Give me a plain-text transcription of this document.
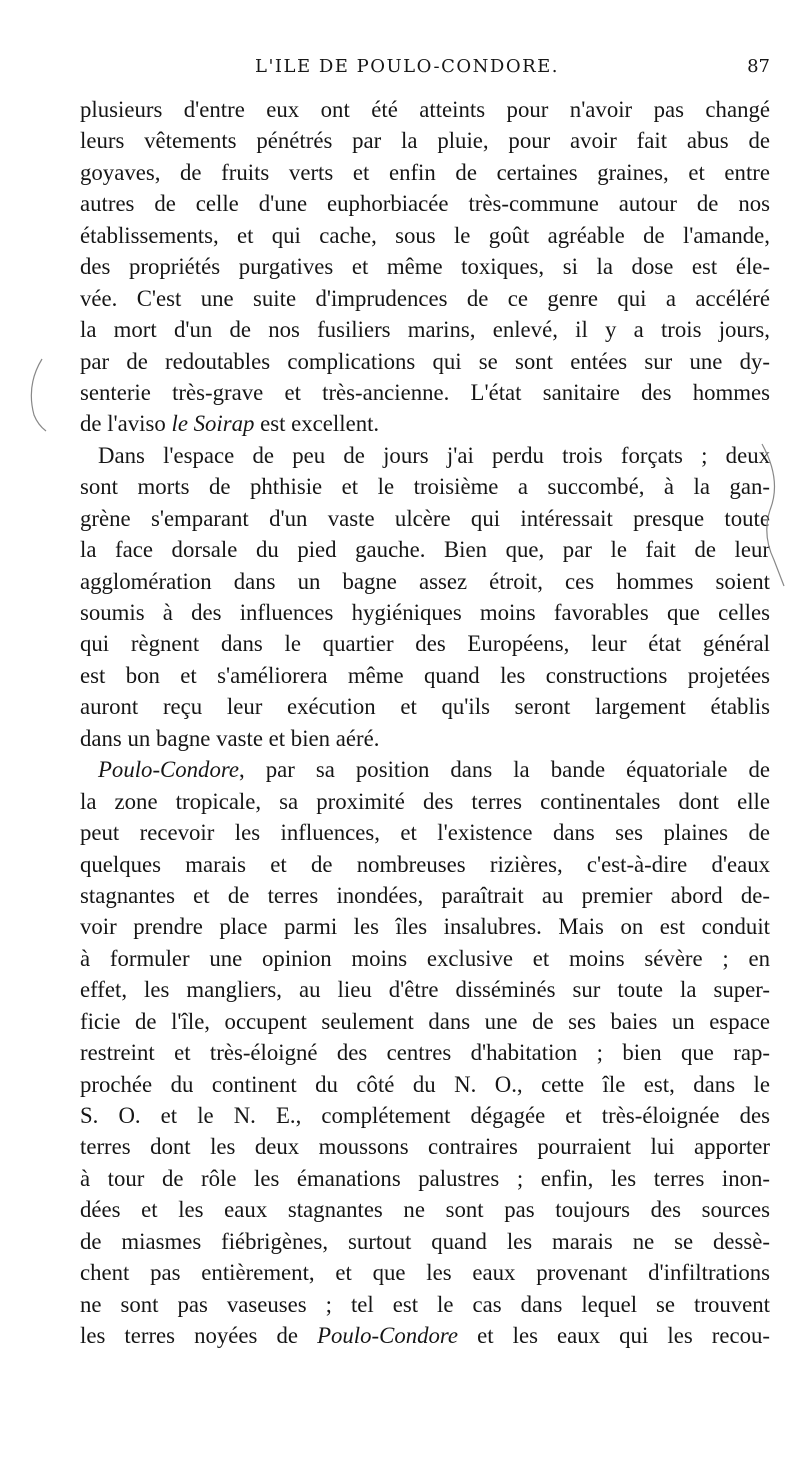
L'ILE DE POULO-CONDORE.	87
plusieurs d'entre eux ont été atteints pour n'avoir pas changé
leurs vêtements pénétrés par la pluie, pour avoir fait abus de
goyaves, de fruits verts et enfin de certaines graines, et entre
autres de celle d'une euphorbiacée très-commune autour de nos
établissements, et qui cache, sous le goût agréable de l'amande,
des propriétés purgatives et même toxiques, si la dose est éle-
vée. C'est une suite d'imprudences de ce genre qui a accéléré
la mort d'un de nos fusiliers marins, enlevé, il y a trois jours,
par de redoutables complications qui se sont entées sur une dy-
senterie très-grave et très-ancienne. L'état sanitaire des hommes
de l'aviso le Soirap est excellent.
Dans l'espace de peu de jours j'ai perdu trois forçats ; deux
sont morts de phthisie et le troisième a succombé, à la gan-
grène s'emparant d'un vaste ulcère qui intéressait presque toute
la face dorsale du pied gauche. Bien que, par le fait de leur
agglomération dans un bagne assez étroit, ces hommes soient
soumis à des influences hygiéniques moins favorables que celles
qui règnent dans le quartier des Européens, leur état général
est bon et s'améliorera même quand les constructions projetées
auront reçu leur exécution et qu'ils seront largement établis
dans un bagne vaste et bien aéré.
Poulo-Condore, par sa position dans la bande équatoriale de
la zone tropicale, sa proximité des terres continentales dont elle
peut recevoir les influences, et l'existence dans ses plaines de
quelques marais et de nombreuses rizières, c'est-à-dire d'eaux
stagnantes et de terres inondées, paraîtrait au premier abord de-
voir prendre place parmi les îles insalubres. Mais on est conduit
à formuler une opinion moins exclusive et moins sévère ; en
effet, les mangliers, au lieu d'être disséminés sur toute la super-
ficie de l'île, occupent seulement dans une de ses baies un espace
restreint et très-éloigné des centres d'habitation ; bien que rap-
prochée du continent du côté du N. O., cette île est, dans le
S. O. et le N. E., complétement dégagée et très-éloignée des
terres dont les deux moussons contraires pourraient lui apporter
à tour de rôle les émanations palustres ; enfin, les terres inon-
dées et les eaux stagnantes ne sont pas toujours des sources
de miasmes fiébrigènes, surtout quand les marais ne se dessè-
chent pas entièrement, et que les eaux provenant d'infiltrations
ne sont pas vaseuses ; tel est le cas dans lequel se trouvent
les terres noyées de Poulo-Condore et les eaux qui les recou-
